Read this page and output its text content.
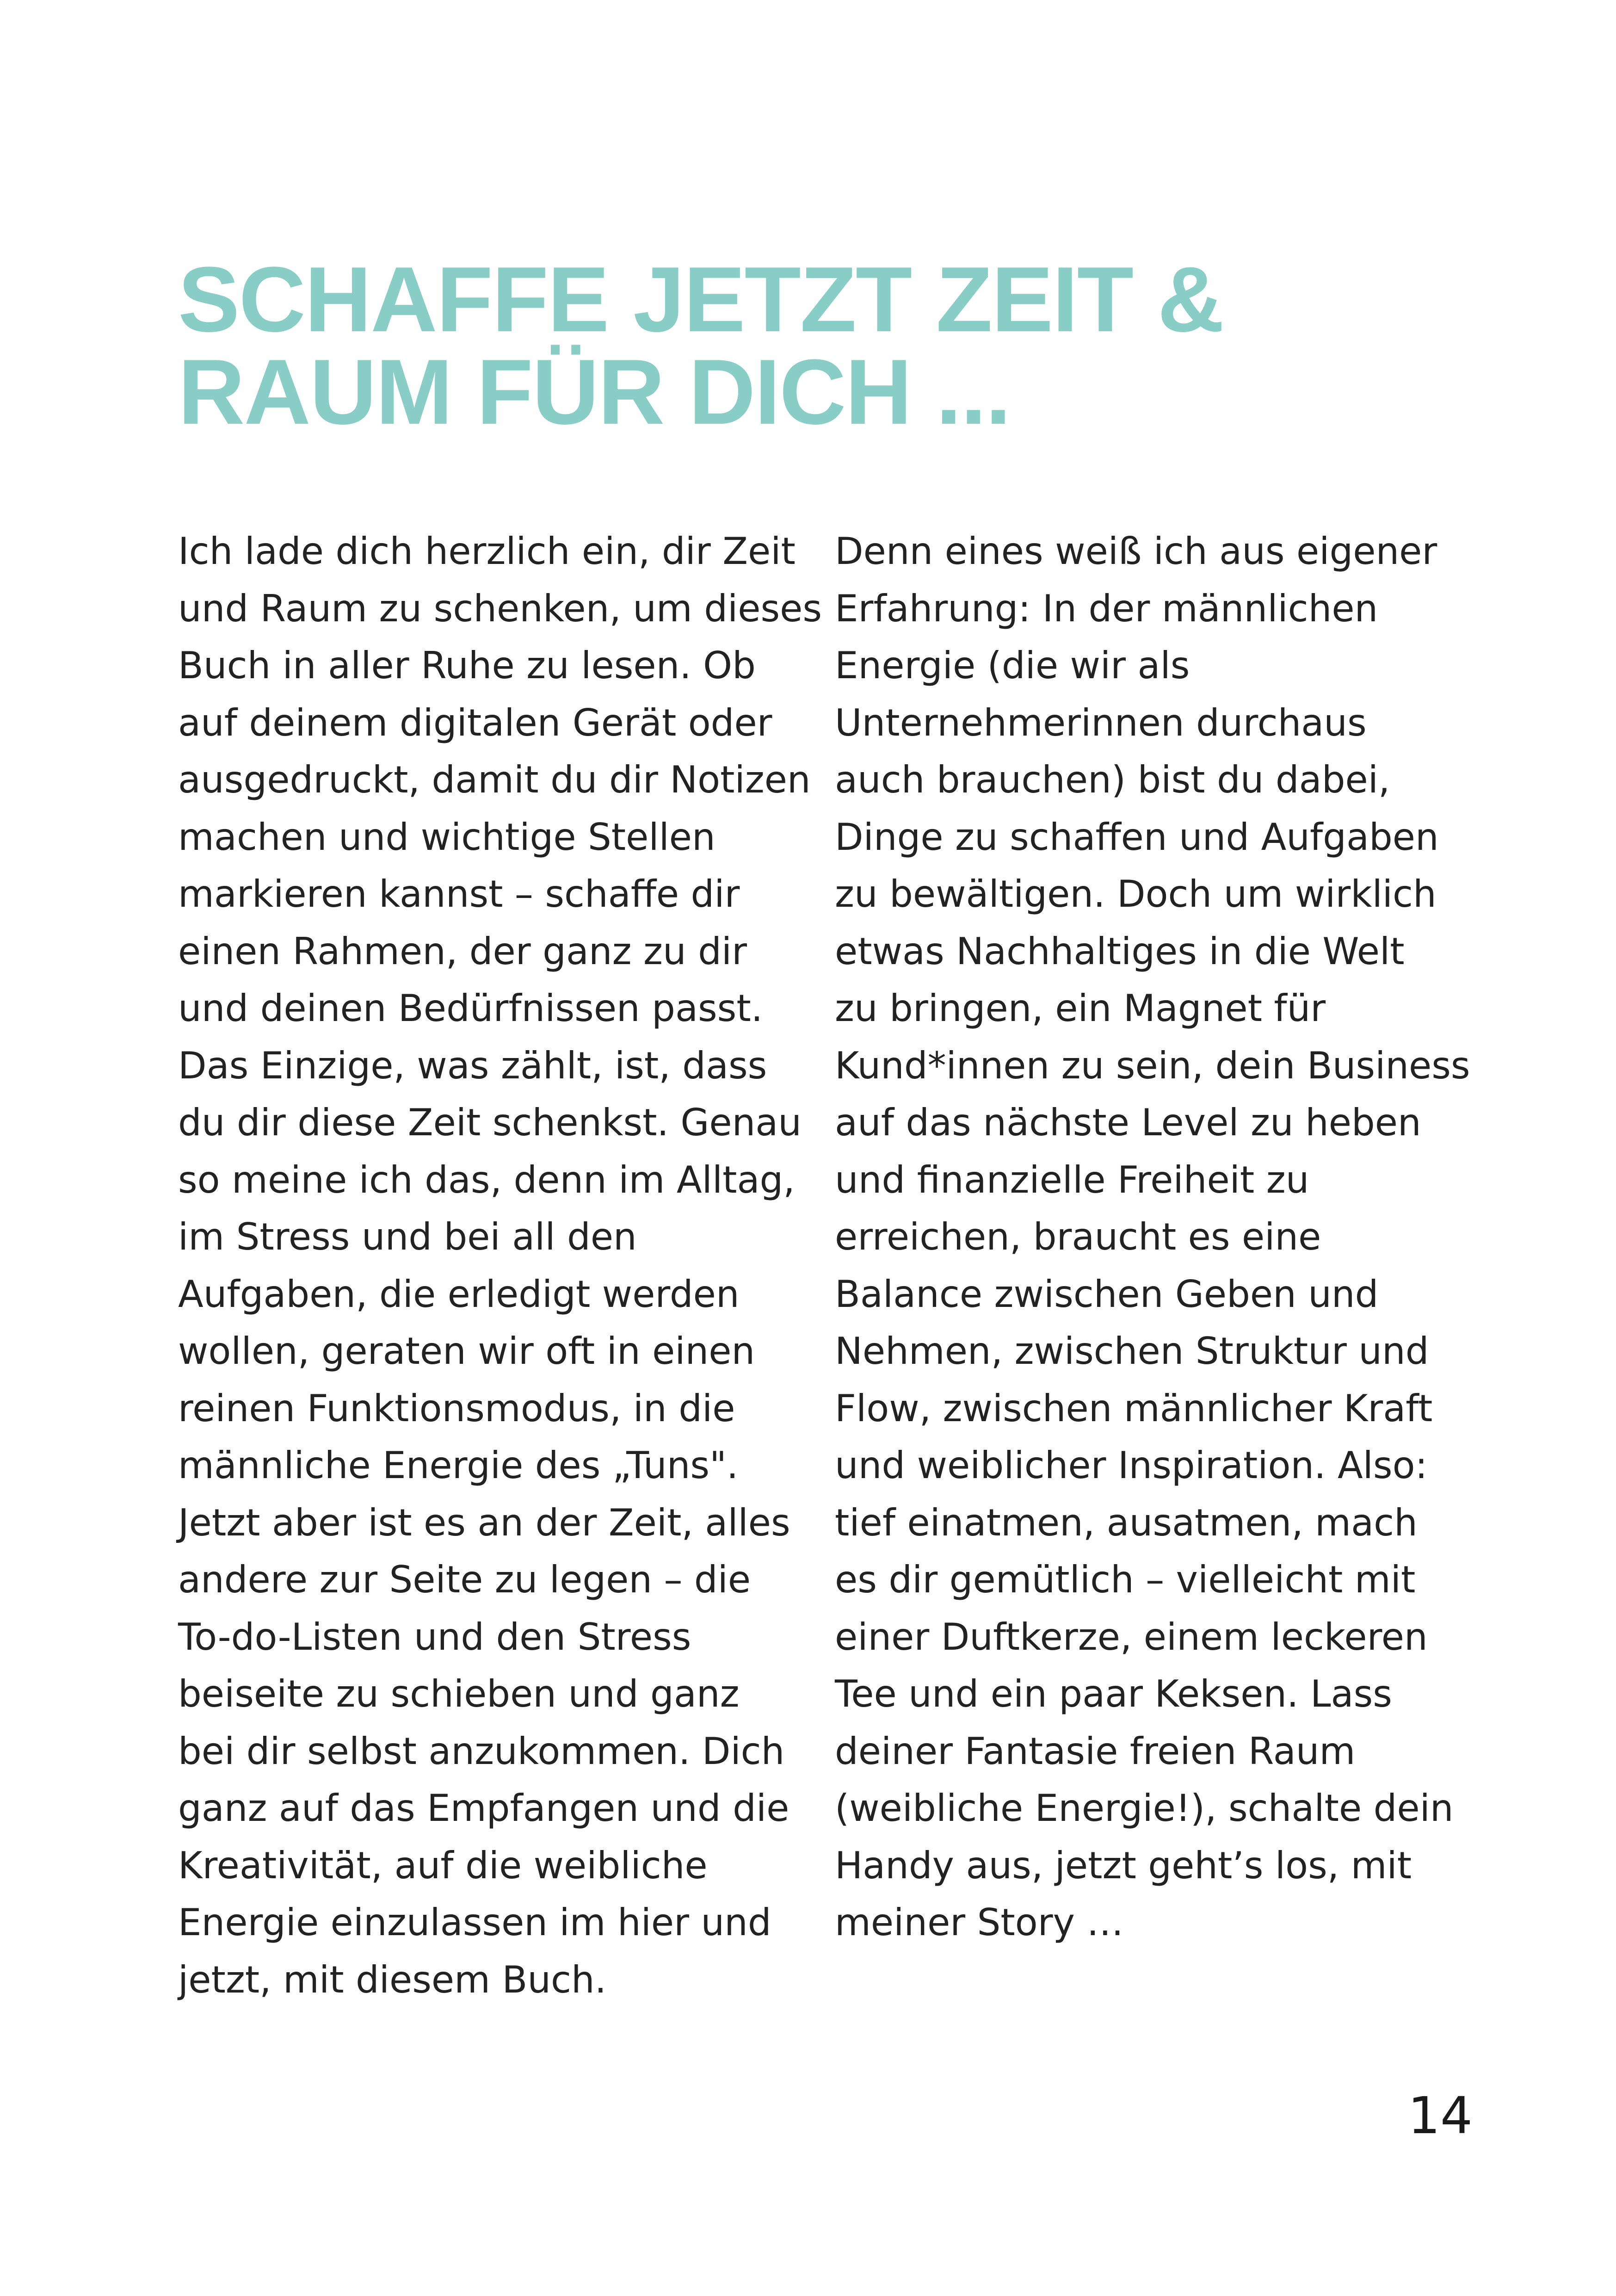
SCHAFFE JETZT ZEIT &
RAUM FÜR DICH ...
Ich lade dich herzlich ein, dir Zeit
und Raum zu schenken, um dieses
Buch in aller Ruhe zu lesen. Ob
auf deinem digitalen Gerät oder
ausgedruckt, damit du dir Notizen
machen und wichtige Stellen
markieren kannst – schaffe dir
einen Rahmen, der ganz zu dir
und deinen Bedürfnissen passt.
Das Einzige, was zählt, ist, dass
du dir diese Zeit schenkst. Genau
so meine ich das, denn im Alltag,
im Stress und bei all den
Aufgaben, die erledigt werden
wollen, geraten wir oft in einen
reinen Funktionsmodus, in die
männliche Energie des „Tuns".
Jetzt aber ist es an der Zeit, alles
andere zur Seite zu legen – die
To-do-Listen und den Stress
beiseite zu schieben und ganz
bei dir selbst anzukommen. Dich
ganz auf das Empfangen und die
Kreativität, auf die weibliche
Energie einzulassen im hier und
jetzt, mit diesem Buch.
Denn eines weiß ich aus eigener
Erfahrung: In der männlichen
Energie (die wir als
Unternehmerinnen durchaus
auch brauchen) bist du dabei,
Dinge zu schaffen und Aufgaben
zu bewältigen. Doch um wirklich
etwas Nachhaltiges in die Welt
zu bringen, ein Magnet für
Kund*innen zu sein, dein Business
auf das nächste Level zu heben
und finanzielle Freiheit zu
erreichen, braucht es eine
Balance zwischen Geben und
Nehmen, zwischen Struktur und
Flow, zwischen männlicher Kraft
und weiblicher Inspiration. Also:
tief einatmen, ausatmen, mach
es dir gemütlich – vielleicht mit
einer Duftkerze, einem leckeren
Tee und ein paar Keksen. Lass
deiner Fantasie freien Raum
(weibliche Energie!), schalte dein
Handy aus, jetzt geht’s los, mit
meiner Story …
14
